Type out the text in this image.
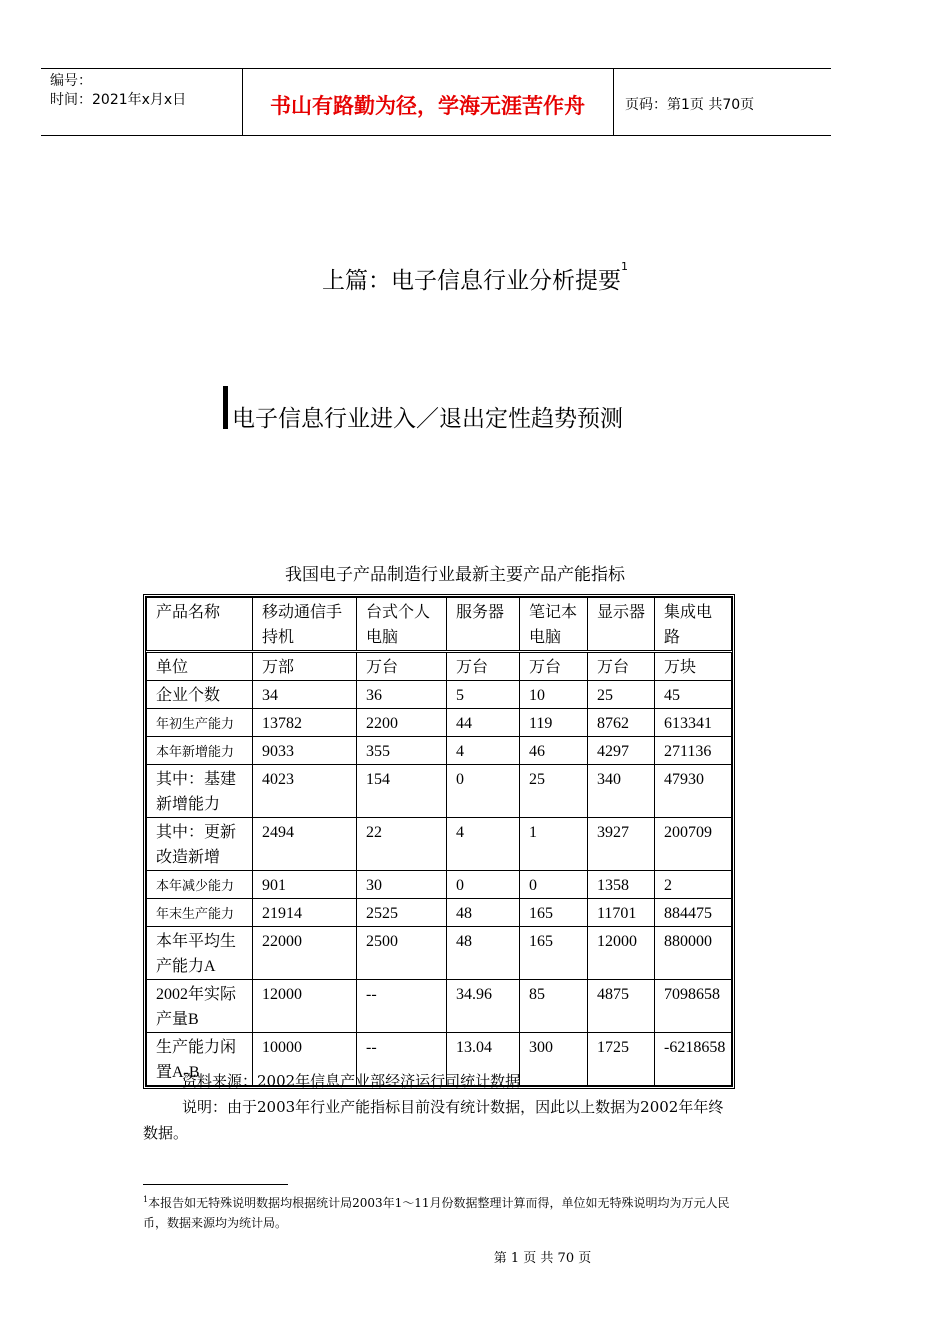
编号：
时间：2021年x月x日	书山有路勤为径，学海无涯苦作舟	页码：第1页 共70页
上篇：电子信息行业分析提要$^1$
电子信息行业进入／退出定性趋势预测
我国电子产品制造行业最新主要产品产能指标
产品名称	移动通信手持机	台式个人电脑	服务器	笔记本电脑	显示器	集成电路
单位	万部	万台	万台	万台	万台	万块
企业个数	34	36	5	10	25	45
年初生产能力	13782	2200	44	119	8762	613341
本年新增能力	9033	355	4	46	4297	271136
其中：基建新增能力	4023	154	0	25	340	47930
其中：更新改造新增	2494	22	4	1	3927	200709
本年减少能力	901	30	0	0	1358	2
年末生产能力	21914	2525	48	165	11701	884475
本年平均生产能力A	22000	2500	48	165	12000	880000
2002年实际产量B	12000	--	34.96	85	4875	7098658
生产能力闲置A-B	10000	--	13.04	300	1725	-6218658
资料来源：2002年信息产业部经济运行司统计数据
说明：由于2003年行业产能指标目前没有统计数据，因此以上数据为2002年年终数据。
$^1$本报告如无特殊说明数据均根据统计局2003年1～11月份数据整理计算而得，单位如无特殊说明均为万元人民币，数据来源均为统计局。
第 1 页 共 70 页
